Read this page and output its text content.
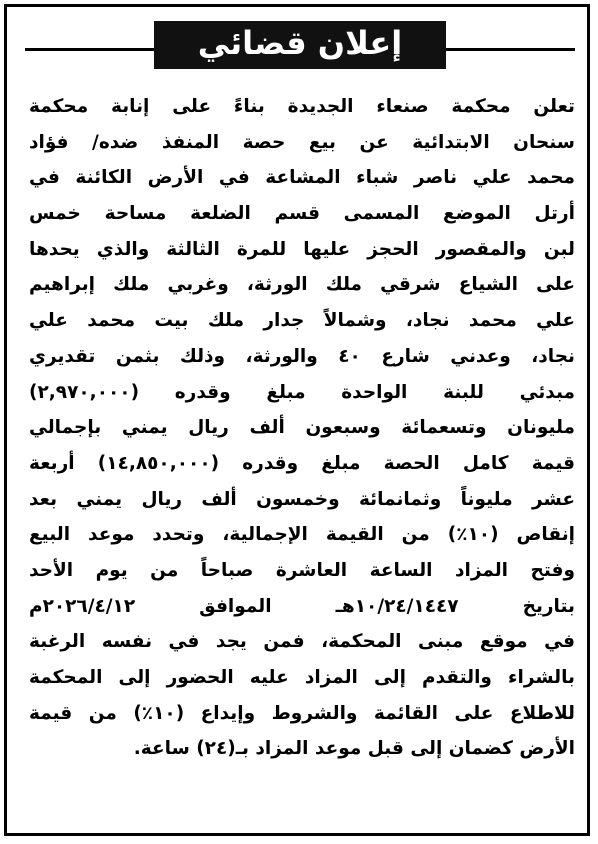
إعلان قضائي
تعلن محكمة صنعاء الجديدة بناءً على إنابة محكمة
سنحان الابتدائية عن بيع حصة المنفذ ضده/ فؤاد
محمد علي ناصر شباء المشاعة في الأرض الكائنة في
أرتل الموضع المسمى قسم الضلعة مساحة خمس
لبن والمقصور الحجز عليها للمرة الثالثة والذي يحدها
على الشياع شرقي ملك الورثة، وغربي ملك إبراهيم
علي محمد نجاد، وشمالاً جدار ملك بيت محمد علي
نجاد، وعدني شارع ٤٠ والورثة، وذلك بثمن تقديري
مبدئي للبنة الواحدة مبلغ وقدره (٢,٩٧٠,٠٠٠)
مليونان وتسعمائة وسبعون ألف ريال يمني بإجمالي
قيمة كامل الحصة مبلغ وقدره (١٤,٨٥٠,٠٠٠) أربعة
عشر مليوناً وثمانمائة وخمسون ألف ريال يمني بعد
إنقاص (١٠٪) من القيمة الإجمالية، وتحدد موعد البيع
وفتح المزاد الساعة العاشرة صباحاً من يوم الأحد
بتاريخ ١٠/٢٤/١٤٤٧هـ الموافق ٢٠٢٦/٤/١٢م
في موقع مبنى المحكمة، فمن يجد في نفسه الرغبة
بالشراء والتقدم إلى المزاد عليه الحضور إلى المحكمة
للاطلاع على القائمة والشروط وإيداع (١٠٪) من قيمة
الأرض كضمان إلى قبل موعد المزاد بـ(٢٤) ساعة.
